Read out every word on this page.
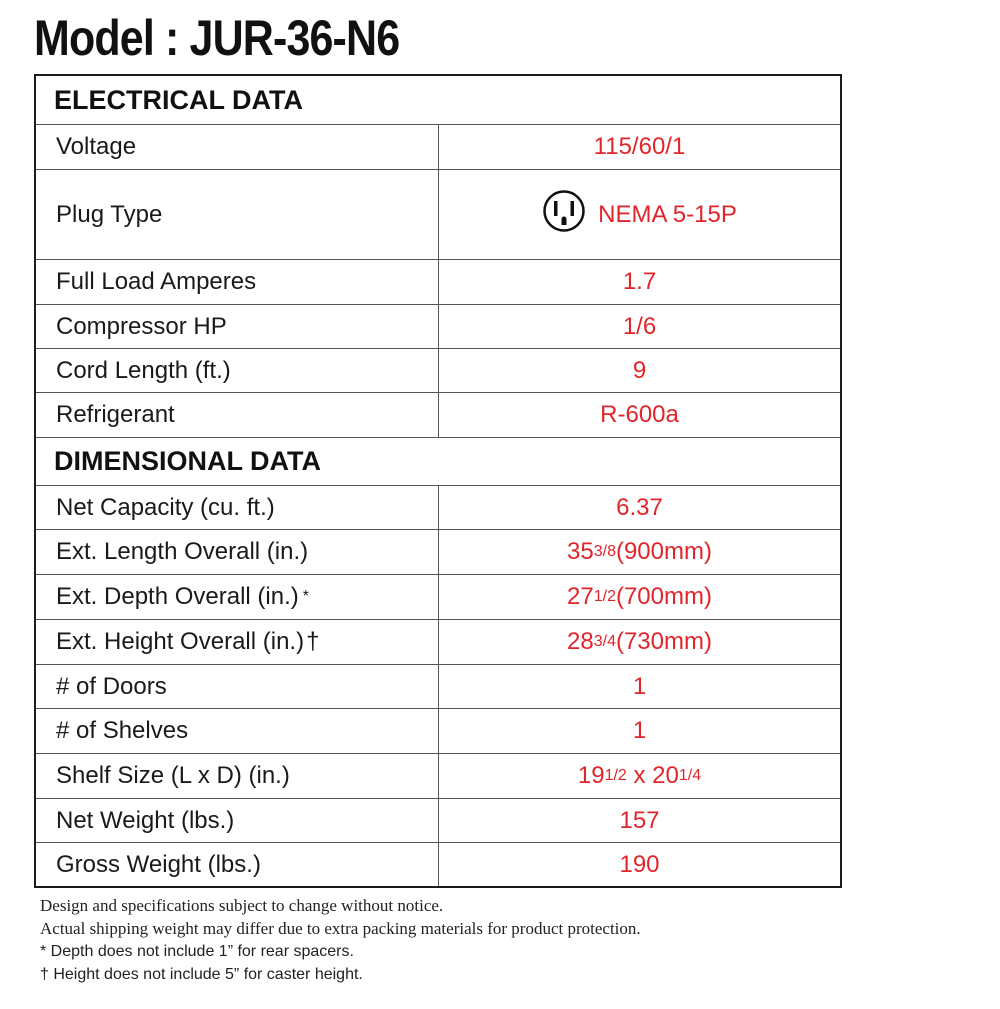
Model : JUR-36-N6
ELECTRICAL DATA
Voltage	115/60/1
Plug Type	NEMA 5-15P
Full Load Amperes	1.7
Compressor HP	1/6
Cord Length (ft.)	9
Refrigerant	R-600a
DIMENSIONAL DATA
Net Capacity (cu. ft.)	6.37
Ext. Length Overall (in.)	35 3/8 (900mm)
Ext. Depth Overall (in.) *	27 1/2 (700mm)
Ext. Height Overall (in.) †	28 3/4 (730mm)
# of Doors	1
# of Shelves	1
Shelf Size (L x D) (in.)	19 1/2 x 20 1/4
Net Weight (lbs.)	157
Gross Weight (lbs.)	190
Design and specifications subject to change without notice.
Actual shipping weight may differ due to extra packing materials for product protection.
* Depth does not include 1” for rear spacers.
† Height does not include 5” for caster height.
